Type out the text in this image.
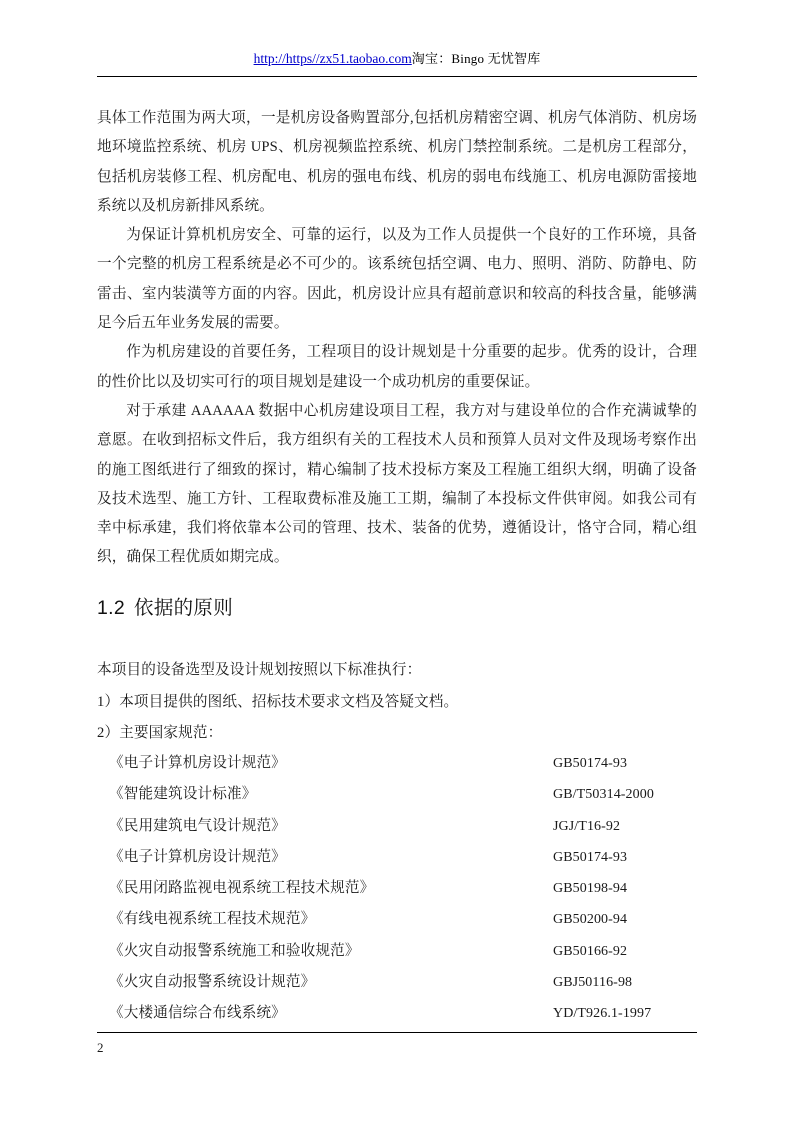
http://https//zx51.taobao.com淘宝：Bingo 无忧智库

具体工作范围为两大项，一是机房设备购置部分,包括机房精密空调、机房气体消防、机房场地环境监控系统、机房 UPS、机房视频监控系统、机房门禁控制系统。二是机房工程部分，包括机房装修工程、机房配电、机房的强电布线、机房的弱电布线施工、机房电源防雷接地系统以及机房新排风系统。

为保证计算机机房安全、可靠的运行，以及为工作人员提供一个良好的工作环境，具备一个完整的机房工程系统是必不可少的。该系统包括空调、电力、照明、消防、防静电、防雷击、室内装潢等方面的内容。因此，机房设计应具有超前意识和较高的科技含量，能够满足今后五年业务发展的需要。

作为机房建设的首要任务，工程项目的设计规划是十分重要的起步。优秀的设计，合理的性价比以及切实可行的项目规划是建设一个成功机房的重要保证。

对于承建 AAAAAA 数据中心机房建设项目工程，我方对与建设单位的合作充满诚挚的意愿。在收到招标文件后，我方组织有关的工程技术人员和预算人员对文件及现场考察作出的施工图纸进行了细致的探讨，精心编制了技术投标方案及工程施工组织大纲，明确了设备及技术选型、施工方针、工程取费标准及施工工期，编制了本投标文件供审阅。如我公司有幸中标承建，我们将依靠本公司的管理、技术、装备的优势，遵循设计，恪守合同，精心组织，确保工程优质如期完成。

1.2 依据的原则

本项目的设备选型及设计规划按照以下标准执行：

1）本项目提供的图纸、招标技术要求文档及答疑文档。

2）主要国家规范：

《电子计算机房设计规范》	GB50174-93
《智能建筑设计标准》	GB/T50314-2000
《民用建筑电气设计规范》	JGJ/T16-92
《电子计算机房设计规范》	GB50174-93
《民用闭路监视电视系统工程技术规范》	GB50198-94
《有线电视系统工程技术规范》	GB50200-94
《火灾自动报警系统施工和验收规范》	GB50166-92
《火灾自动报警系统设计规范》	GBJ50116-98
《大楼通信综合布线系统》	YD/T926.1-1997
2
